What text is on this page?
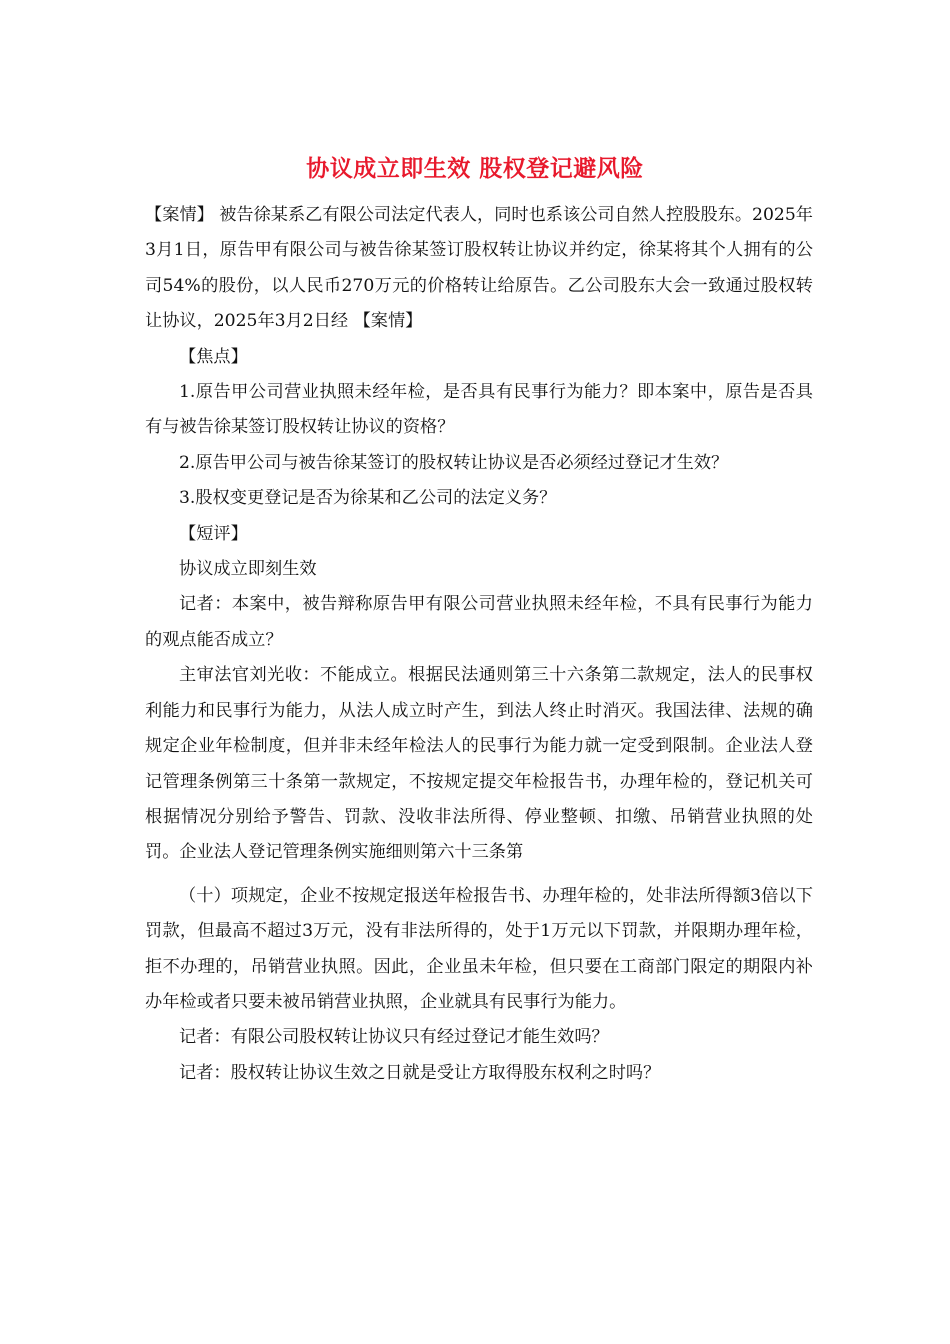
协议成立即生效 股权登记避风险

【案情】 被告徐某系乙有限公司法定代表人，同时也系该公司自然人控股股东。2025年3月1日，原告甲有限公司与被告徐某签订股权转让协议并约定，徐某将其个人拥有的公司54%的股份，以人民币270万元的价格转让给原告。乙公司股东大会一致通过股权转让协议，2025年3月2日经 【案情】

【焦点】

1.原告甲公司营业执照未经年检，是否具有民事行为能力？即本案中，原告是否具有与被告徐某签订股权转让协议的资格？

2.原告甲公司与被告徐某签订的股权转让协议是否必须经过登记才生效？

3.股权变更登记是否为徐某和乙公司的法定义务？

【短评】

协议成立即刻生效

记者：本案中，被告辩称原告甲有限公司营业执照未经年检，不具有民事行为能力的观点能否成立？

主审法官刘光收：不能成立。根据民法通则第三十六条第二款规定，法人的民事权利能力和民事行为能力，从法人成立时产生，到法人终止时消灭。我国法律、法规的确规定企业年检制度，但并非未经年检法人的民事行为能力就一定受到限制。企业法人登记管理条例第三十条第一款规定，不按规定提交年检报告书，办理年检的，登记机关可根据情况分别给予警告、罚款、没收非法所得、停业整顿、扣缴、吊销营业执照的处罚。企业法人登记管理条例实施细则第六十三条第

（十）项规定，企业不按规定报送年检报告书、办理年检的，处非法所得额3倍以下罚款，但最高不超过3万元，没有非法所得的，处于1万元以下罚款，并限期办理年检，拒不办理的，吊销营业执照。因此，企业虽未年检，但只要在工商部门限定的期限内补办年检或者只要未被吊销营业执照，企业就具有民事行为能力。

记者：有限公司股权转让协议只有经过登记才能生效吗？

记者：股权转让协议生效之日就是受让方取得股东权利之时吗？
